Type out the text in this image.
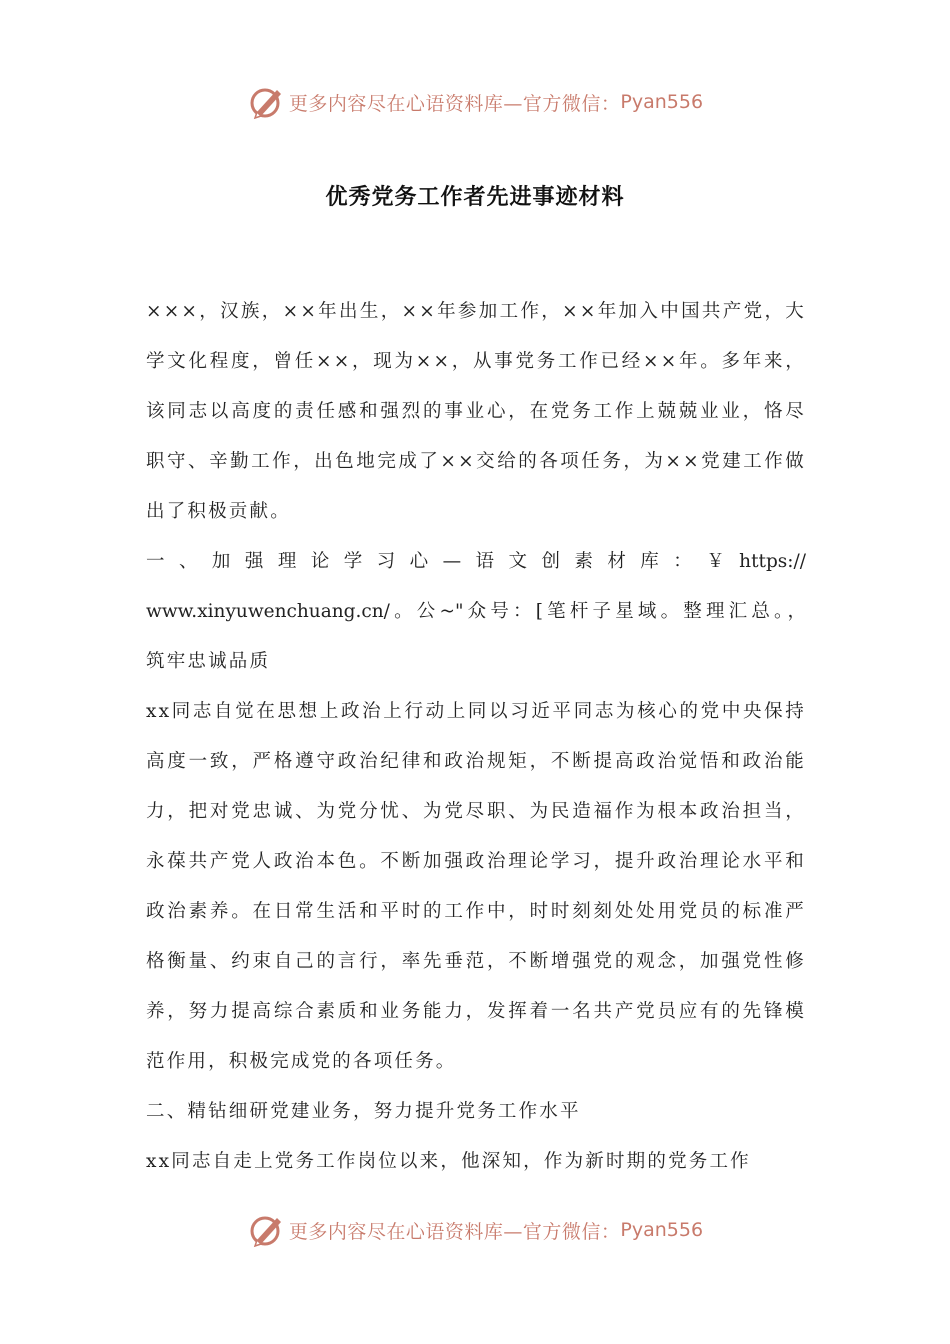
更多内容尽在心语资料库—官方微信： Pyan556
优秀党务工作者先进事迹材料

×××，汉族，××年出生，××年参加工作，××年加入中国共产党，大学文化程度，曾任××，现为××，从事党务工作已经××年。多年来，该同志以高度的责任感和强烈的事业心，在党务工作上兢兢业业，恪尽职守、辛勤工作，出色地完成了××交给的各项任务，为××党建工作做出了积极贡献。

一、加强理论学习心—语文创素材库：￥https://
www.xinyuwenchuang.cn/。公~"众号：[笔杆子星域。整理汇总。，
筑牢忠诚品质

xx同志自觉在思想上政治上行动上同以习近平同志为核心的党中央保持高度一致，严格遵守政治纪律和政治规矩，不断提高政治觉悟和政治能力，把对党忠诚、为党分忧、为党尽职、为民造福作为根本政治担当，永葆共产党人政治本色。不断加强政治理论学习，提升政治理论水平和政治素养。在日常生活和平时的工作中，时时刻刻处处用党员的标准严格衡量、约束自己的言行，率先垂范，不断增强党的观念，加强党性修养，努力提高综合素质和业务能力，发挥着一名共产党员应有的先锋模范作用，积极完成党的各项任务。

二、精钻细研党建业务，努力提升党务工作水平

xx同志自走上党务工作岗位以来，他深知，作为新时期的党务工作

更多内容尽在心语资料库—官方微信： Pyan556
